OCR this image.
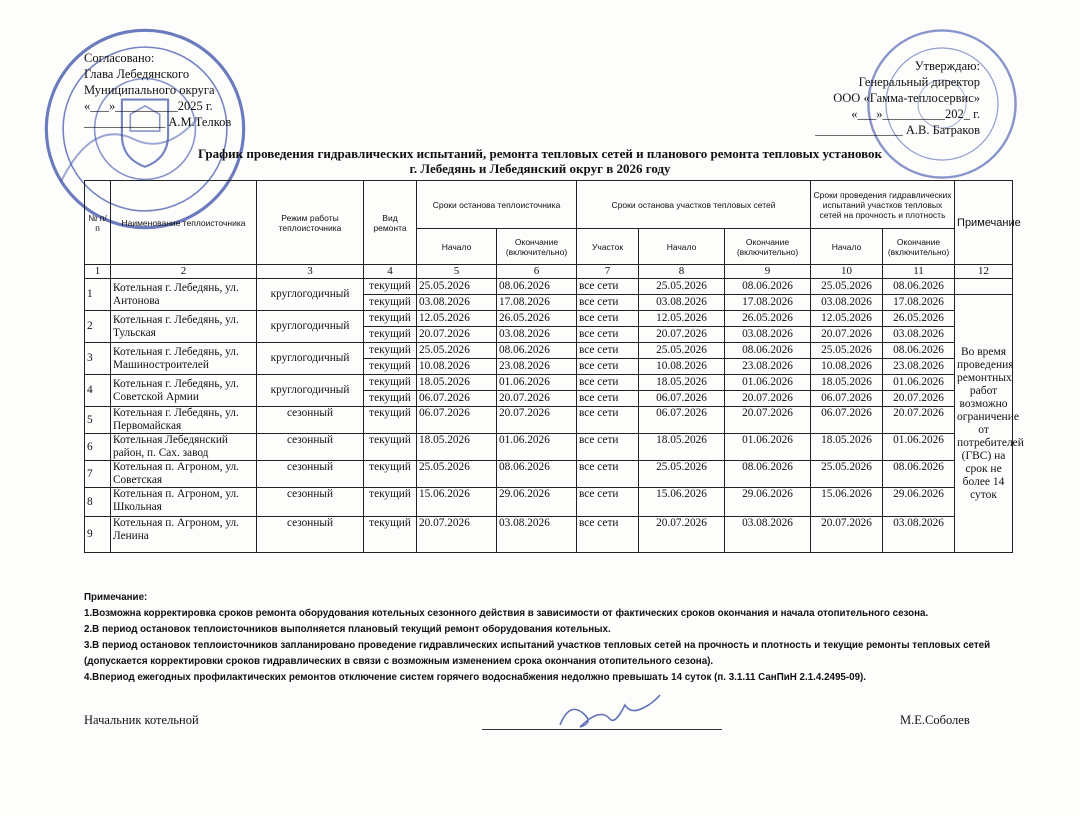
Согласовано:
Глава Лебедянского
Муниципального округа
«___»__________2025 г.
_____________ А.М.Телков
Утверждаю:
Генеральный директор
ООО «Гамма-теплосервис»
«___»__________202_ г.
______________ А.В. Батраков
График проведения гидравлических испытаний, ремонта тепловых сетей и планового ремонта тепловых установок
г. Лебедянь и Лебедянский округ в 2026 году
№ п/п	Наименование теплоисточника	Режим работы теплоисточника	Вид ремонта	Сроки останова теплоисточника		Сроки останова участков тепловых сетей			Сроки проведения гидравлических испытаний участков тепловых сетей на прочность и плотность		Примечание
				Начало	Окончание (включительно)	Участок	Начало	Окончание (включительно)	Начало	Окончание (включительно)	
1	2	3	4	5	6	7	8	9	10	11	12
1	Котельная г. Лебедянь, ул. Антонова	круглогодичный	текущий	25.05.2026	08.06.2026	все сети	25.05.2026	08.06.2026	25.05.2026	08.06.2026	
			текущий	03.08.2026	17.08.2026	все сети	03.08.2026	17.08.2026	03.08.2026	17.08.2026	Во время проведения ремонтных работ возможно ограничение от потребителей (ГВС) на срок не более 14 суток
2	Котельная г. Лебедянь, ул. Тульская	круглогодичный	текущий	12.05.2026	26.05.2026	все сети	12.05.2026	26.05.2026	12.05.2026	26.05.2026	
			текущий	20.07.2026	03.08.2026	все сети	20.07.2026	03.08.2026	20.07.2026	03.08.2026	
3	Котельная г. Лебедянь, ул. Машиностроителей	круглогодичный	текущий	25.05.2026	08.06.2026	все сети	25.05.2026	08.06.2026	25.05.2026	08.06.2026	
			текущий	10.08.2026	23.08.2026	все сети	10.08.2026	23.08.2026	10.08.2026	23.08.2026	
4	Котельная г. Лебедянь, ул. Советской Армии	круглогодичный	текущий	18.05.2026	01.06.2026	все сети	18.05.2026	01.06.2026	18.05.2026	01.06.2026	
			текущий	06.07.2026	20.07.2026	все сети	06.07.2026	20.07.2026	06.07.2026	20.07.2026	
5	Котельная г. Лебедянь, ул. Первомайская	сезонный	текущий	06.07.2026	20.07.2026	все сети	06.07.2026	20.07.2026	06.07.2026	20.07.2026	
6	Котельная Лебедянский район, п. Сах. завод	сезонный	текущий	18.05.2026	01.06.2026	все сети	18.05.2026	01.06.2026	18.05.2026	01.06.2026	
7	Котельная п. Агроном, ул. Советская	сезонный	текущий	25.05.2026	08.06.2026	все сети	25.05.2026	08.06.2026	25.05.2026	08.06.2026	
8	Котельная п. Агроном, ул. Школьная	сезонный	текущий	15.06.2026	29.06.2026	все сети	15.06.2026	29.06.2026	15.06.2026	29.06.2026	
9	Котельная п. Агроном, ул. Ленина	сезонный	текущий	20.07.2026	03.08.2026	все сети	20.07.2026	03.08.2026	20.07.2026	03.08.2026	
Примечание:
1.Возможна корректировка сроков ремонта оборудования котельных сезонного действия в зависимости от фактических сроков окончания и начала отопительного сезона.
2.В период остановок теплоисточников выполняется плановый текущий ремонт оборудования котельных.
3.В период остановок теплоисточников запланировано проведение гидравлических испытаний участков тепловых сетей на прочность и плотность и текущие ремонты тепловых сетей
(допускается корректировки сроков гидравлических в связи с возможным изменением срока окончания отопительного сезона).
4.Впериод ежегодных профилактических ремонтов отключение систем горячего водоснабжения недолжно превышать 14 суток (п. 3.1.11 СанПиН 2.1.4.2495-09).
Начальник котельной	М.Е.Соболев
